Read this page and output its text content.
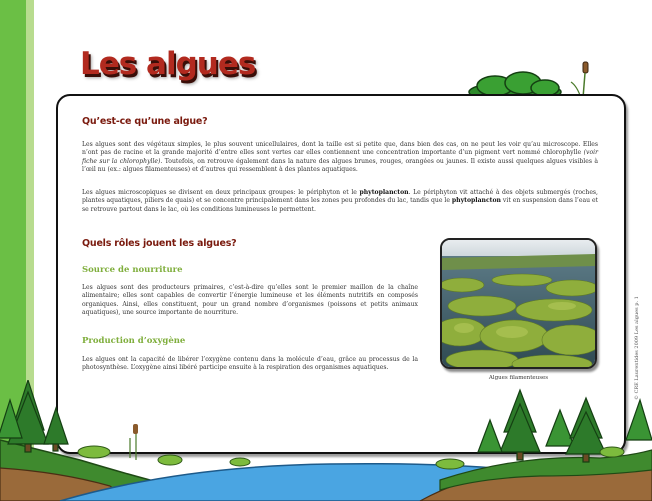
Les algues
Qu’est-ce qu’une algue?

Les algues sont des végétaux simples, le plus souvent unicellulaires, dont la taille est si petite que, dans bien des cas, on ne peut les voir qu’au microscope. Elles n’ont pas de racine et la grande majorité d’entre elles sont vertes car elles contiennent une concentration importante d’un pigment vert nommé chlorophylle (voir fiche sur la chlorophylle). Toutefois, on retrouve également dans la nature des algues brunes, rouges, orangées ou jaunes. Il existe aussi quelques algues visibles à l’œil nu (ex.: algues filamenteuses) et d’autres qui ressemblent à des plantes aquatiques.

Les algues microscopiques se divisent en deux principaux groupes: le périphyton et le phytoplancton. Le périphyton vit attaché à des objets submergés (roches, plantes aquatiques, piliers de quais) et se concentre principalement dans les zones peu profondes du lac, tandis que le phytoplancton vit en suspension dans l’eau et se retrouve partout dans le lac, où les conditions lumineuses le permettent.

Quels rôles jouent les algues?
Source de nourriture

Les algues sont des producteurs primaires, c’est-à-dire qu’elles sont le premier maillon de la chaîne alimentaire; elles sont capables de convertir l’énergie lumineuse et les éléments nutritifs en composés organiques. Ainsi, elles constituent, pour un grand nombre d’organismes (poissons et petits animaux aquatiques), une source importante de nourriture.

Production d’oxygène

Les algues ont la capacité de libérer l’oxygène contenu dans la molécule d’eau, grâce au processus de la photosynthèse. L’oxygène ainsi libéré participe ensuite à la respiration des organismes aquatiques.

Algues filamenteuses	© CRE Laurentides 2009 Les algues p. 1
